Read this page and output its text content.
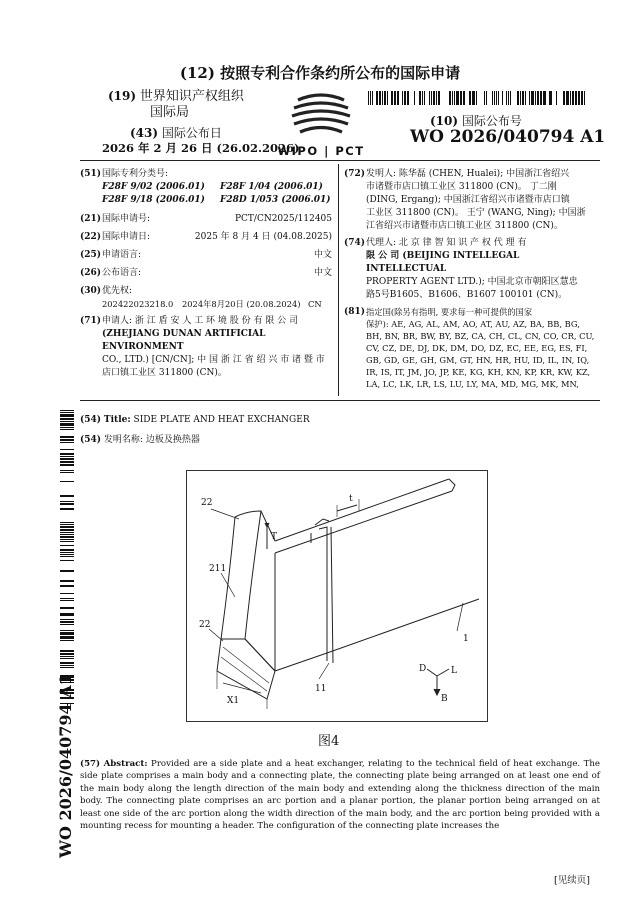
(12) 按照专利合作条约所公布的国际申请
(19) 世界知识产权组织
国际局
(43) 国际公布日
2026 年 2 月 26 日 (26.02.2026)
WIPO | PCT
(10) 国际公布号
WO 2026/040794 A1
(51) 国际专利分类号:
F28F 9/02 (2006.01)	F28F 1/04 (2006.01)
F28F 9/18 (2006.01)	F28D 1/053 (2006.01)
(21) 国际申请号:	PCT/CN2025/112405
(22) 国际申请日:	2025 年 8 月 4 日 (04.08.2025)
(25) 申请语言:	中文
(26) 公布语言:	中文
(30) 优先权:
202422023218.0	2024年8月20日 (20.08.2024) CN
(71) 申请人: 浙 江 盾 安 人 工 环 境 股 份 有 限 公 司
(ZHEJIANG DUNAN ARTIFICIAL ENVIRONMENT
CO., LTD.) [CN/CN]; 中 国 浙 江 省 绍 兴 市 诸 暨 市
店口镇工业区 311800 (CN)。
(72) 发明人: 陈华磊 (CHEN, Hualei); 中国浙江省绍兴
市诸暨市店口镇工业区 311800 (CN)。 丁二刚
(DING, Ergang); 中国浙江省绍兴市诸暨市店口镇
工业区 311800 (CN)。 王宁 (WANG, Ning); 中国浙
江省绍兴市诸暨市店口镇工业区 311800 (CN)。
(74) 代理人: 北 京 律 智 知 识 产 权 代 理 有
限 公 司 (BEIJING INTELLEGAL INTELLECTUAL
PROPERTY AGENT LTD.); 中国北京市朝阳区慧忠
路5号B1605、B1606、B1607 100101 (CN)。
(81) 指定国(除另有指明, 要求每一种可提供的国家
保护): AE, AG, AL, AM, AO, AT, AU, AZ, BA, BB, BG,
BH, BN, BR, BW, BY, BZ, CA, CH, CL, CN, CO, CR, CU,
CV, CZ, DE, DJ, DK, DM, DO, DZ, EC, EE, EG, ES, FI,
GB, GD, GE, GH, GM, GT, HN, HR, HU, ID, IL, IN, IQ,
IR, IS, IT, JM, JO, JP, KE, KG, KH, KN, KP, KR, KW, KZ,
LA, LC, LK, LR, LS, LU, LY, MA, MD, MG, MK, MN,
WO 2026/040794 A1
(54) Title: SIDE PLATE AND HEAT EXCHANGER
(54) 发明名称: 边板及换热器
22
T
t
211
22
X1
11
1
D	L
B
图4
(57) Abstract: Provided are a side plate and a heat exchanger, relating to the technical field of heat exchange. The side plate comprises a main body and a connecting plate, the connecting plate being arranged on at least one end of the main body along the length direction of the main body and extending along the thickness direction of the main body. The connecting plate comprises an arc portion and a planar portion, the planar portion being arranged on at least one side of the arc portion along the width direction of the main body, and the arc portion being provided with a mounting recess for mounting a header. The configuration of the connecting plate increases the
[见续页]
